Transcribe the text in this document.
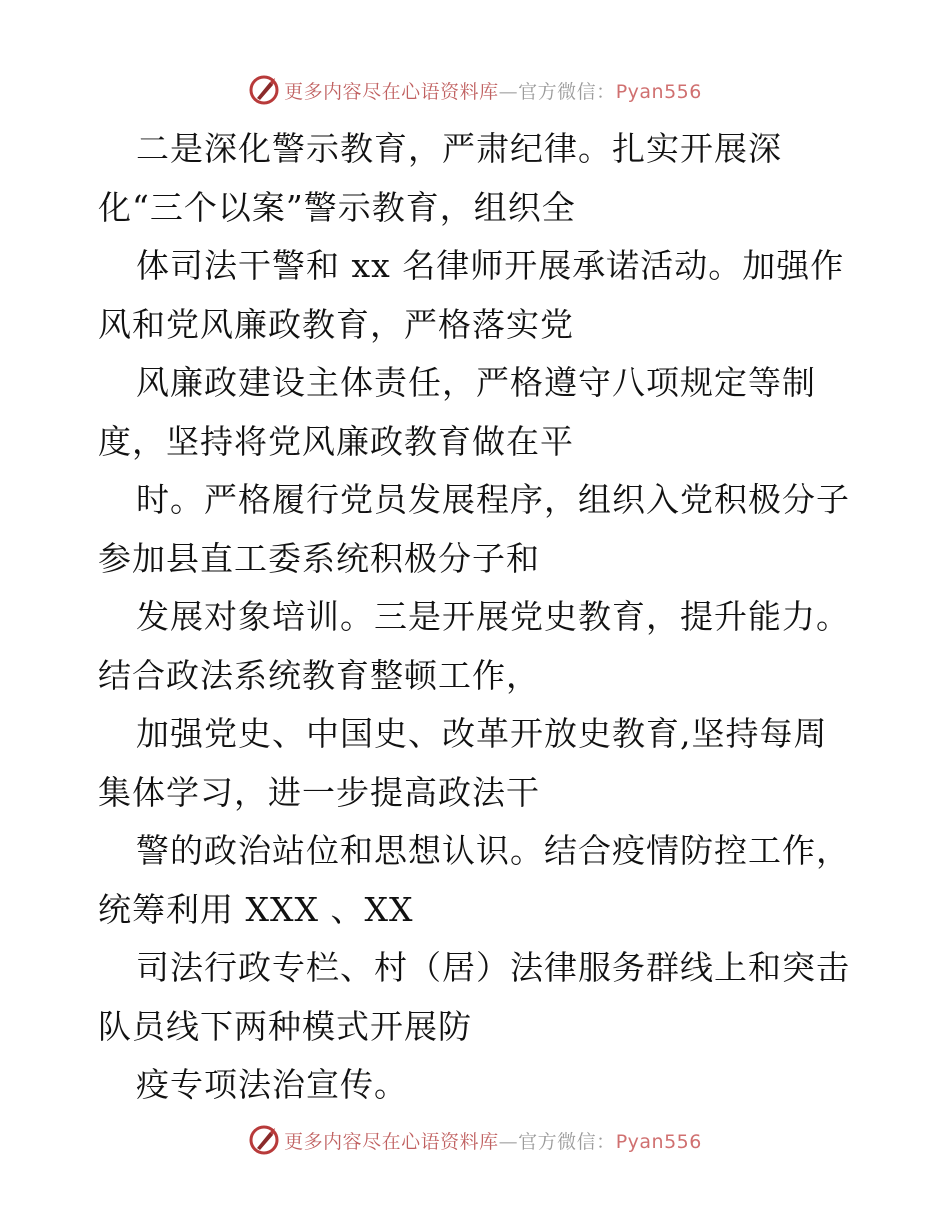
更多内容尽在心语资料库—官方微信：Pyan556
二是深化警示教育，严肃纪律。扎实开展深
化“三个以案”警示教育，组织全
体司法干警和 xx 名律师开展承诺活动。加强作
风和党风廉政教育，严格落实党
风廉政建设主体责任，严格遵守八项规定等制
度，坚持将党风廉政教育做在平
时。严格履行党员发展程序，组织入党积极分子
参加县直工委系统积极分子和
发展对象培训。三是开展党史教育，提升能力。
结合政法系统教育整顿工作，
加强党史、中国史、改革开放史教育,坚持每周
集体学习，进一步提高政法干
警的政治站位和思想认识。结合疫情防控工作，
统筹利用 XXX 、XX
司法行政专栏、村（居）法律服务群线上和突击
队员线下两种模式开展防
疫专项法治宣传。
更多内容尽在心语资料库—官方微信：Pyan556
